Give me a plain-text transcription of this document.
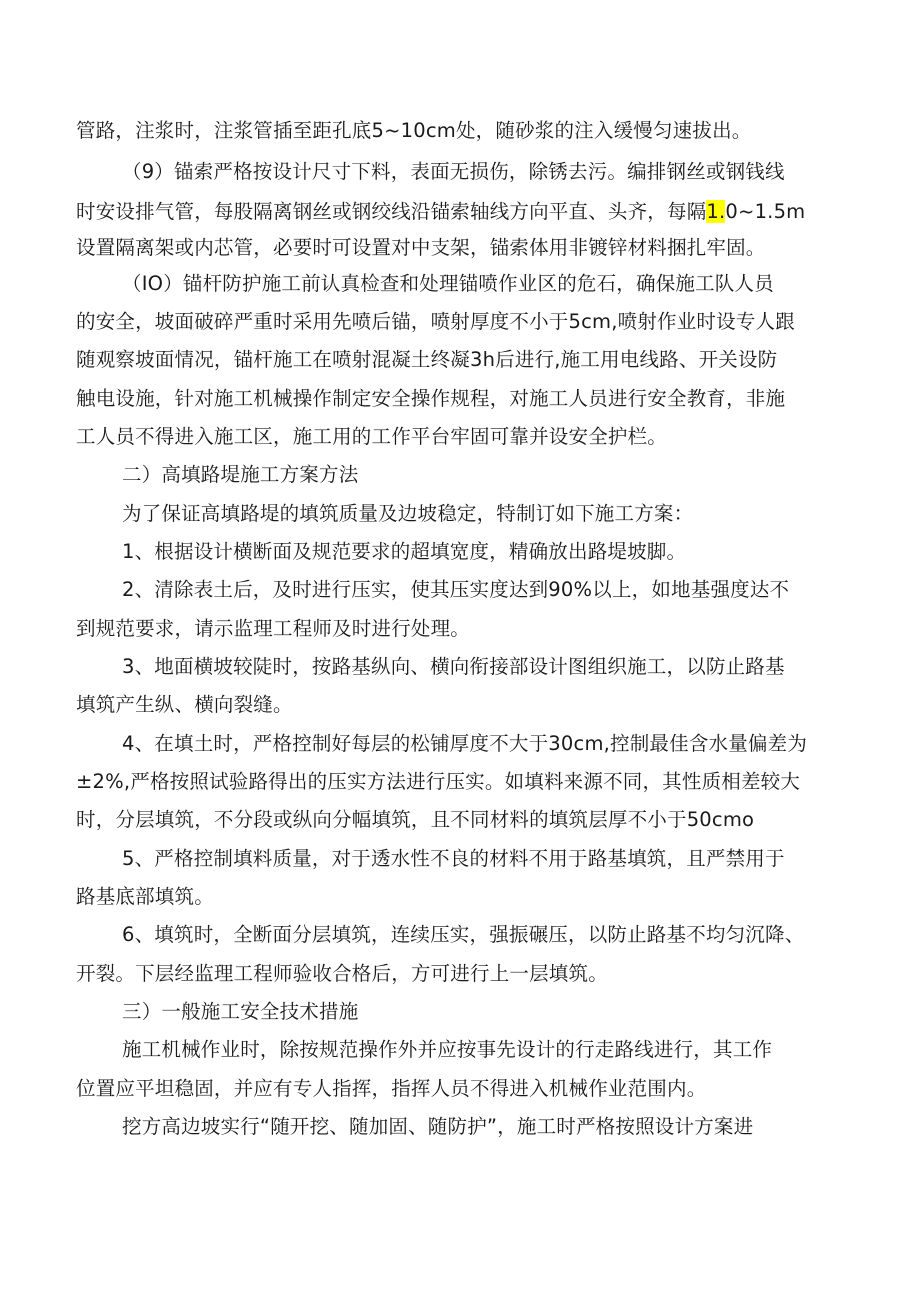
管路，注浆时，注浆管插至距孔底5~10cm处，随砂浆的注入缓慢匀速拔出。
（9）锚索严格按设计尺寸下料，表面无损伤，除锈去污。编排钢丝或钢钱线
时安设排气管，每股隔离钢丝或钢绞线沿锚索轴线方向平直、头齐，每隔1.0~1.5m
设置隔离架或内芯管，必要时可设置对中支架，锚索体用非镀锌材料捆扎牢固。
（IO）锚杆防护施工前认真检查和处理锚喷作业区的危石，确保施工队人员
的安全，坡面破碎严重时采用先喷后锚，喷射厚度不小于5cm,喷射作业时设专人跟
随观察坡面情况，锚杆施工在喷射混凝土终凝3h后进行,施工用电线路、开关设防
触电设施，针对施工机械操作制定安全操作规程，对施工人员进行安全教育，非施
工人员不得进入施工区，施工用的工作平台牢固可靠并设安全护栏。
二）高填路堤施工方案方法
为了保证高填路堤的填筑质量及边坡稳定，特制订如下施工方案：
1、根据设计横断面及规范要求的超填宽度，精确放出路堤坡脚。
2、清除表土后，及时进行压实，使其压实度达到90%以上，如地基强度达不
到规范要求，请示监理工程师及时进行处理。
3、地面横坡较陡时，按路基纵向、横向衔接部设计图组织施工，以防止路基
填筑产生纵、横向裂缝。
4、在填土时，严格控制好每层的松铺厚度不大于30cm,控制最佳含水量偏差为
±2%,严格按照试验路得出的压实方法进行压实。如填料来源不同，其性质相差较大
时，分层填筑，不分段或纵向分幅填筑，且不同材料的填筑层厚不小于50cmo
5、严格控制填料质量，对于透水性不良的材料不用于路基填筑，且严禁用于
路基底部填筑。
6、填筑时，全断面分层填筑，连续压实，强振碾压，以防止路基不均匀沉降、
开裂。下层经监理工程师验收合格后，方可进行上一层填筑。
三）一般施工安全技术措施
施工机械作业时，除按规范操作外并应按事先设计的行走路线进行，其工作
位置应平坦稳固，并应有专人指挥，指挥人员不得进入机械作业范围内。
挖方高边坡实行“随开挖、随加固、随防护”，施工时严格按照设计方案进
